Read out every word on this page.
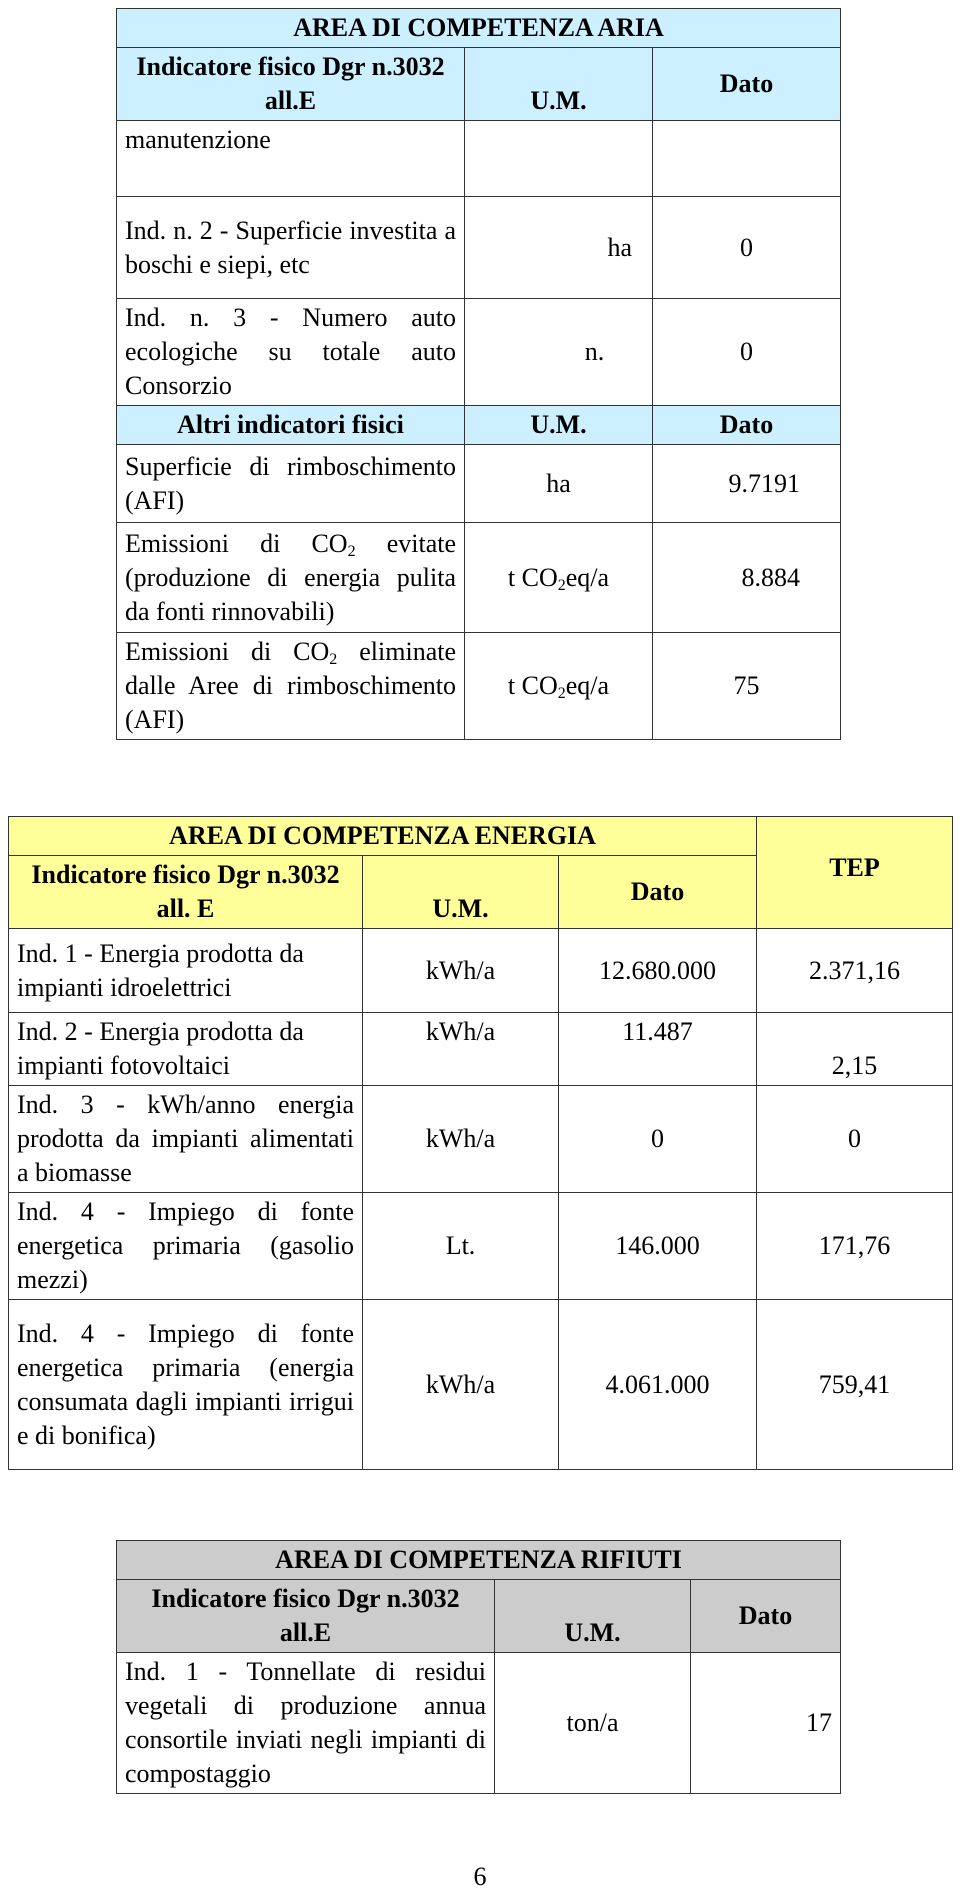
AREA DI COMPETENZA ARIA		
Indicatore fisico Dgr n.3032 all.E	U.M.	Dato
manutenzione		
Ind. n. 2 - Superficie investita a boschi e siepi, etc	ha	0
Ind. n. 3 - Numero auto ecologiche su totale auto Consorzio	n.	0
Altri indicatori fisici	U.M.	Dato
Superficie di rimboschimento (AFI)	ha	9.7191
Emissioni di $CO_2$ evitate (produzione di energia pulita da fonti rinnovabili)	t $CO_2eq/a$	8.884
Emissioni di $CO_2$ eliminate dalle Aree di rimboschimento (AFI)	t $CO_2eq/a$	75
AREA DI COMPETENZA ENERGIA			TEP
Indicatore fisico Dgr n.3032 all. E	U.M.	Dato	
Ind. 1 - Energia prodotta da impianti idroelettrici	kWh/a	12.680.000	2.371,16
Ind. 2 - Energia prodotta da impianti fotovoltaici	kWh/a	11.487	2,15
Ind. 3 - kWh/anno energia prodotta da impianti alimentati a biomasse	kWh/a	0	0
Ind. 4 - Impiego di fonte energetica primaria (gasolio mezzi)	Lt.	146.000	171,76
Ind. 4 - Impiego di fonte energetica primaria (energia consumata dagli impianti irrigui e di bonifica)	kWh/a	4.061.000	759,41
AREA DI COMPETENZA RIFIUTI		
Indicatore fisico Dgr n.3032 all.E	U.M.	Dato
Ind. 1 - Tonnellate di residui vegetali di produzione annua consortile inviati negli impianti di compostaggio	ton/a	17
6
